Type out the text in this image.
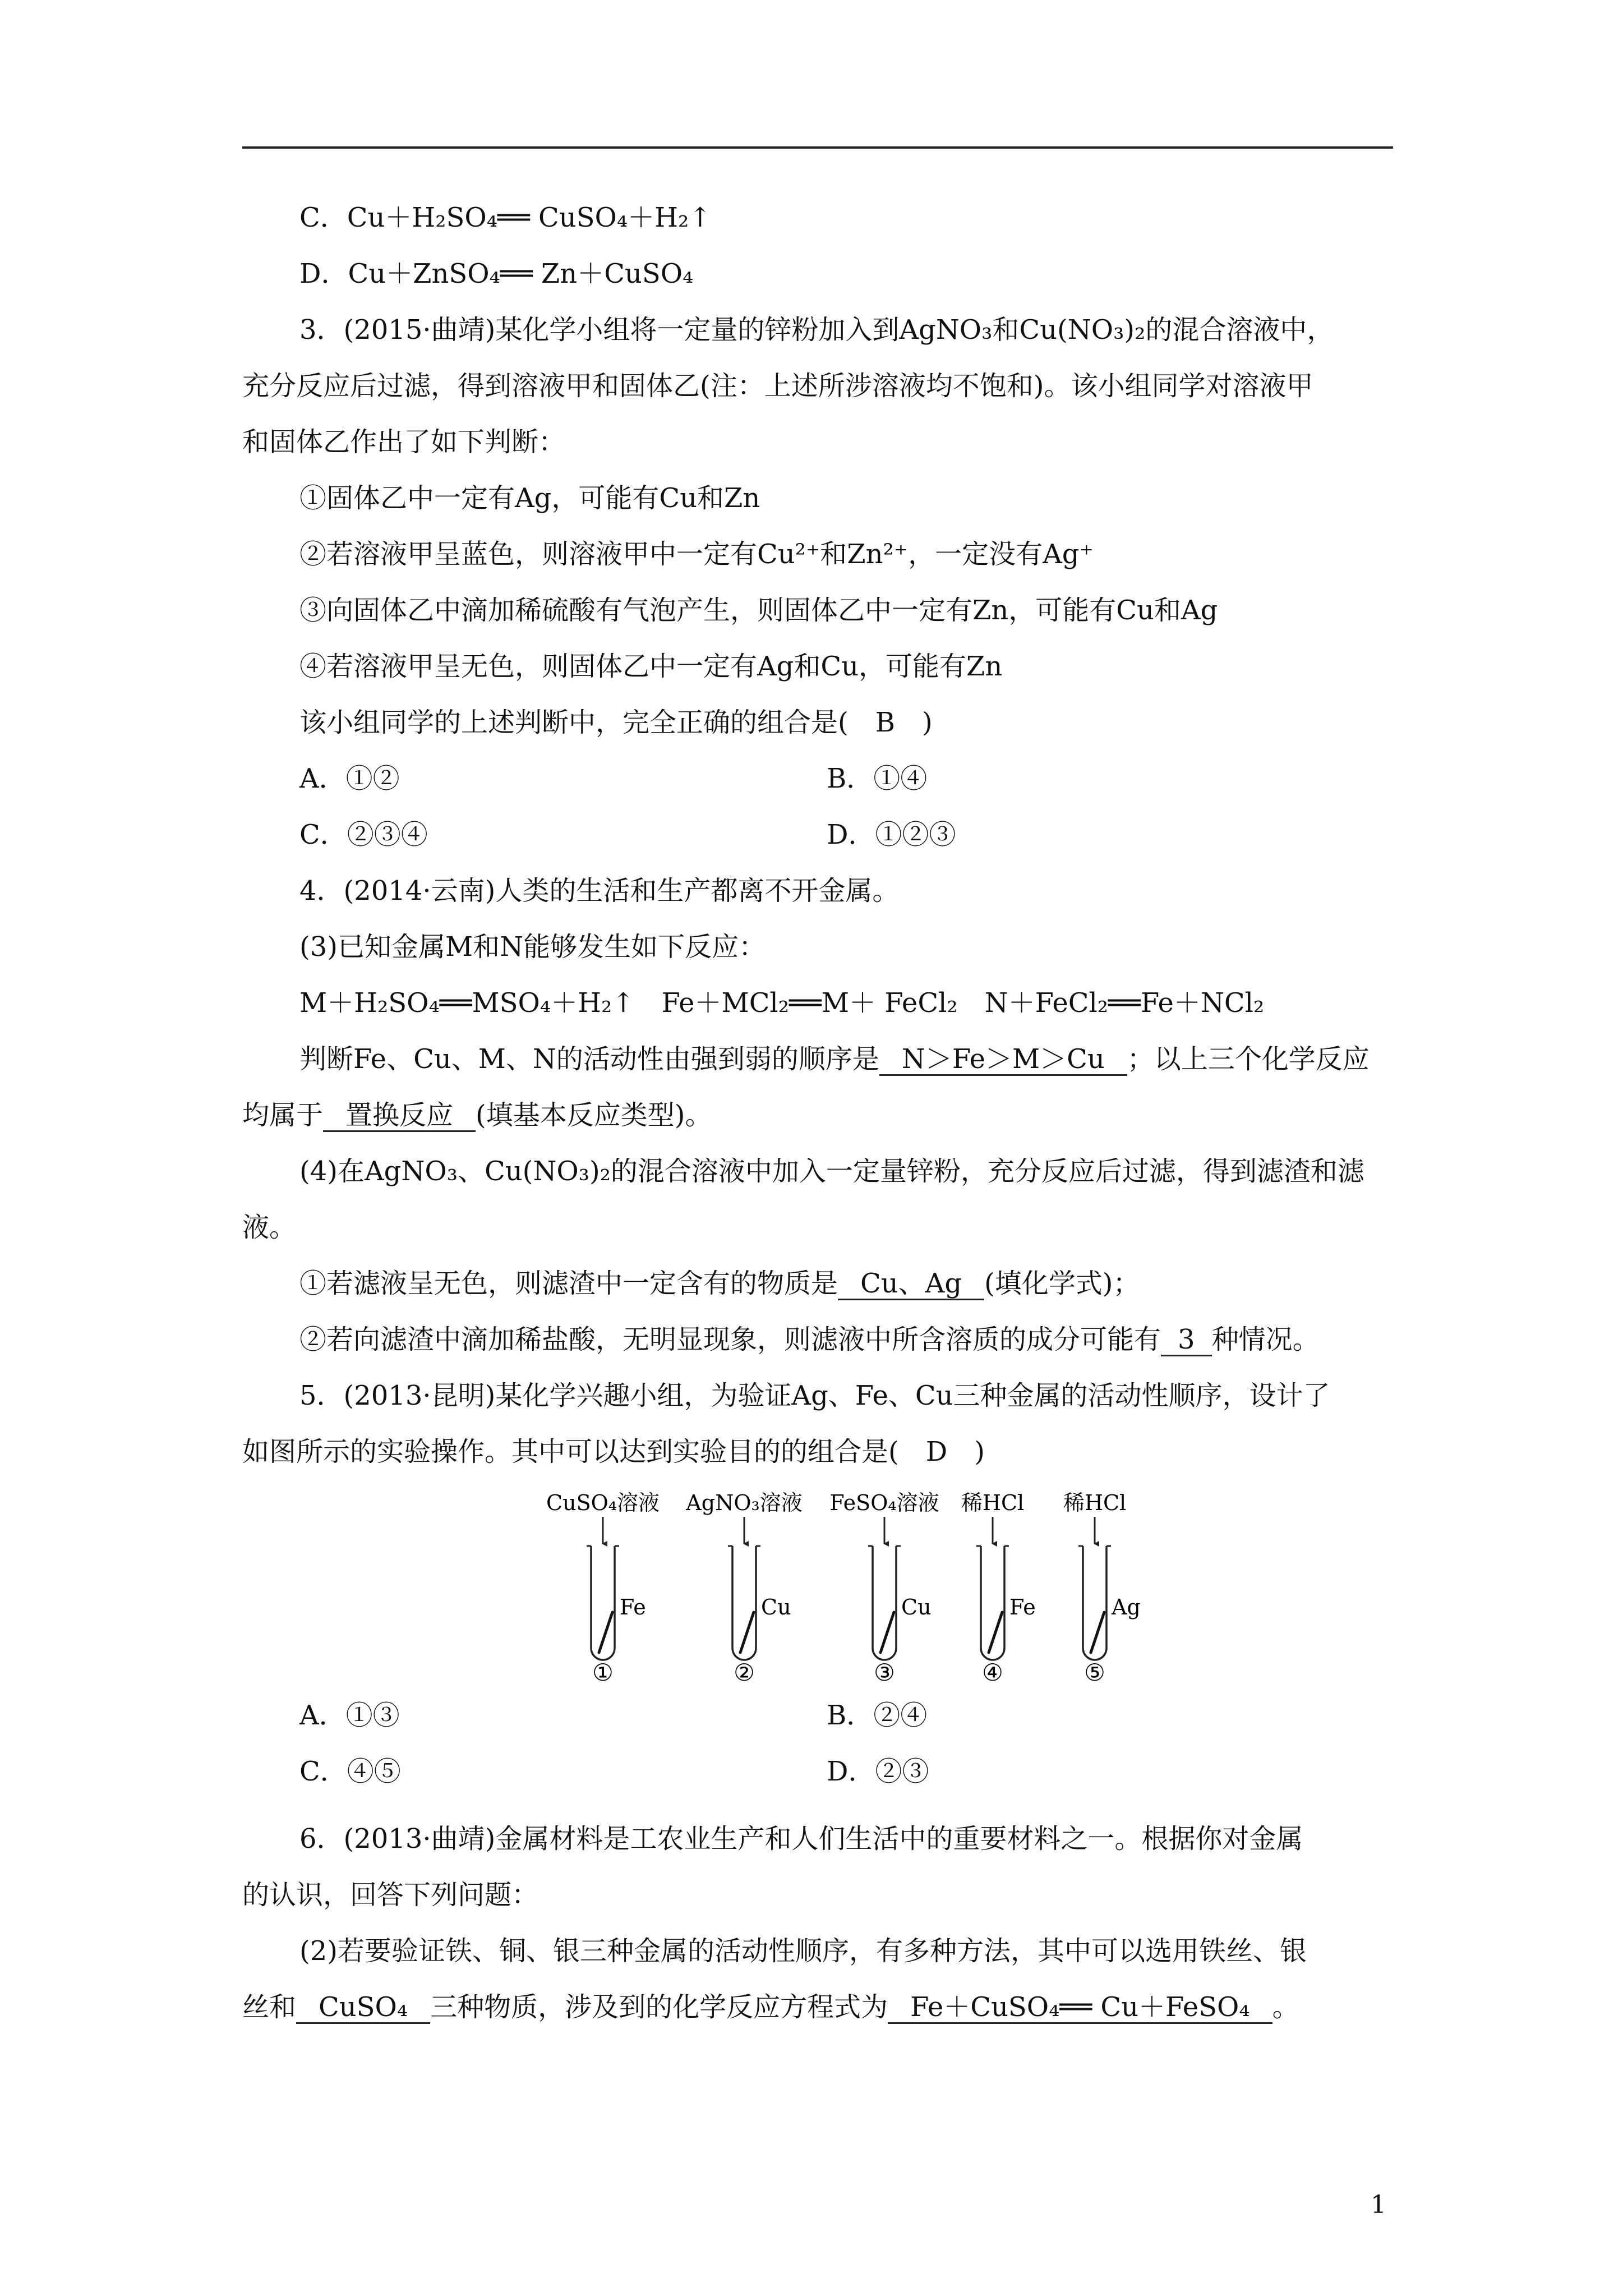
C．Cu＋H₂SO₄══ CuSO₄＋H₂↑
D．Cu＋ZnSO₄══ Zn＋CuSO₄
3．(2015·曲靖)某化学小组将一定量的锌粉加入到AgNO₃和Cu(NO₃)₂的混合溶液中，
充分反应后过滤，得到溶液甲和固体乙(注：上述所涉溶液均不饱和)。该小组同学对溶液甲
和固体乙作出了如下判断：
①固体乙中一定有Ag，可能有Cu和Zn
②若溶液甲呈蓝色，则溶液甲中一定有Cu²⁺和Zn²⁺，一定没有Ag⁺
③向固体乙中滴加稀硫酸有气泡产生，则固体乙中一定有Zn，可能有Cu和Ag
④若溶液甲呈无色，则固体乙中一定有Ag和Cu，可能有Zn
该小组同学的上述判断中，完全正确的组合是(　B　)
A．①②	B．①④
C．②③④	D．①②③
4．(2014·云南)人类的生活和生产都离不开金属。
(3)已知金属M和N能够发生如下反应：
M＋H₂SO₄══MSO₄＋H₂↑　Fe＋MCl₂══M＋ FeCl₂　N＋FeCl₂══Fe＋NCl₂
判断Fe、Cu、M、N的活动性由强到弱的顺序是 N＞Fe＞M＞Cu ；以上三个化学反应
均属于 置换反应 (填基本反应类型)。
(4)在AgNO₃、Cu(NO₃)₂的混合溶液中加入一定量锌粉，充分反应后过滤，得到滤渣和滤
液。
①若滤液呈无色，则滤渣中一定含有的物质是 Cu、Ag (填化学式)；
②若向滤渣中滴加稀盐酸，无明显现象，则滤液中所含溶质的成分可能有 3 种情况。
5．(2013·昆明)某化学兴趣小组，为验证Ag、Fe、Cu三种金属的活动性顺序，设计了
如图所示的实验操作。其中可以达到实验目的的组合是(　D　)
CuSO₄溶液
Fe
①
AgNO₃溶液
Cu
②
FeSO₄溶液
Cu
③
稀HCl
Fe
④
稀HCl
Ag
⑤
A．①③	B．②④
C．④⑤	D．②③
6．(2013·曲靖)金属材料是工农业生产和人们生活中的重要材料之一。根据你对金属
的认识，回答下列问题：
(2)若要验证铁、铜、银三种金属的活动性顺序，有多种方法，其中可以选用铁丝、银
丝和 CuSO₄ 三种物质，涉及到的化学反应方程式为 Fe＋CuSO₄══ Cu＋FeSO₄ 。
1
